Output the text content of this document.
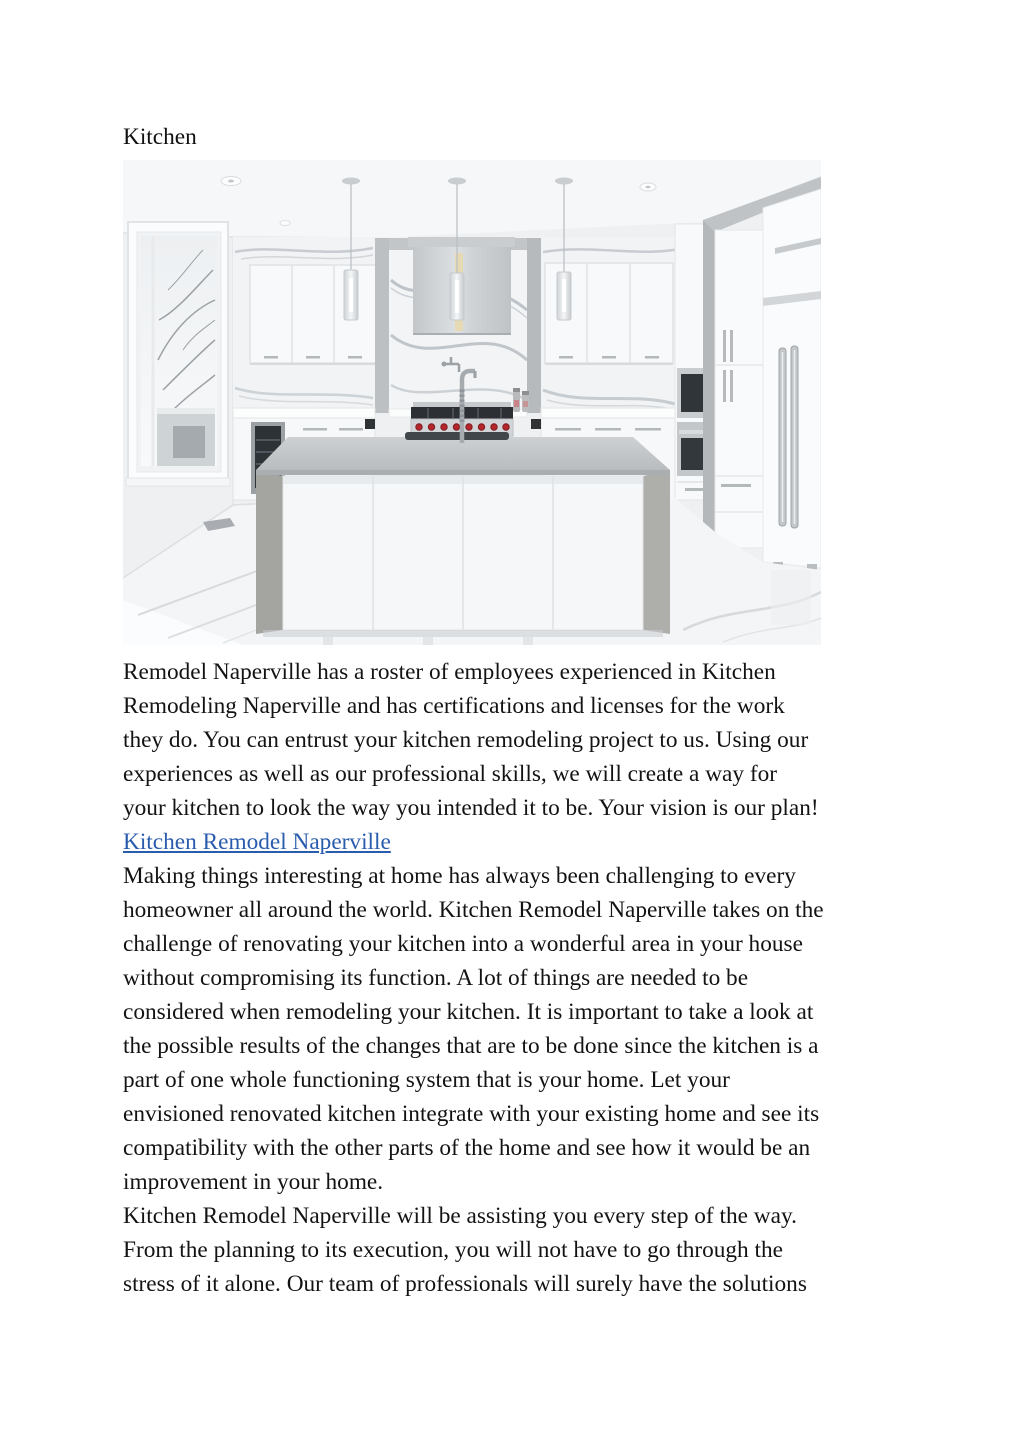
Kitchen
Remodel Naperville has a roster of employees experienced in Kitchen
Remodeling Naperville and has certifications and licenses for the work
they do. You can entrust your kitchen remodeling project to us. Using our
experiences as well as our professional skills, we will create a way for
your kitchen to look the way you intended it to be. Your vision is our plan!
Kitchen Remodel Naperville
Making things interesting at home has always been challenging to every
homeowner all around the world. Kitchen Remodel Naperville takes on the
challenge of renovating your kitchen into a wonderful area in your house
without compromising its function. A lot of things are needed to be
considered when remodeling your kitchen. It is important to take a look at
the possible results of the changes that are to be done since the kitchen is a
part of one whole functioning system that is your home. Let your
envisioned renovated kitchen integrate with your existing home and see its
compatibility with the other parts of the home and see how it would be an
improvement in your home.
Kitchen Remodel Naperville will be assisting you every step of the way.
From the planning to its execution, you will not have to go through the
stress of it alone. Our team of professionals will surely have the solutions
